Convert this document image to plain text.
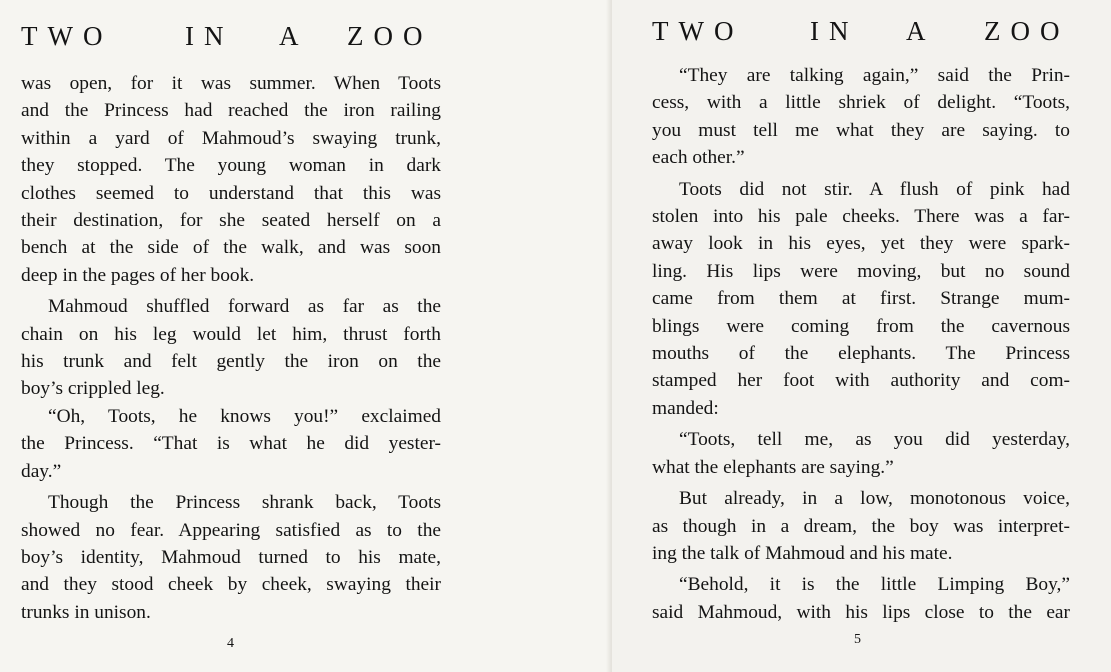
TWO	IN A ZOO
was open, for it was summer. When Toots
and the Princess had reached the iron railing
within a yard of Mahmoud’s swaying trunk,
they stopped. The young woman in dark
clothes seemed to understand that this was
their destination, for she seated herself on a
bench at the side of the walk, and was soon
deep in the pages of her book.
Mahmoud shuffled forward as far as the
chain on his leg would let him, thrust forth
his trunk and felt gently the iron on the
boy’s crippled leg.
“Oh, Toots, he knows you!” exclaimed
the Princess. “That is what he did yester-
day.”
Though the Princess shrank back, Toots
showed no fear. Appearing satisfied as to the
boy’s identity, Mahmoud turned to his mate,
and they stood cheek by cheek, swaying their
trunks in unison.
4
TWO IN A ZOO
“They are talking again,” said the Prin-
cess, with a little shriek of delight. “Toots,
you must tell me what they are saying. to
each other.”
Toots did not stir. A flush of pink had
stolen into his pale cheeks. There was a far-
away look in his eyes, yet they were spark-
ling. His lips were moving, but no sound
came from them at first. Strange mum-
blings were coming from the cavernous
mouths of the elephants. The Princess
stamped her foot with authority and com-
manded:
“Toots, tell me, as you did yesterday,
what the elephants are saying.”
But already, in a low, monotonous voice,
as though in a dream, the boy was interpret-
ing the talk of Mahmoud and his mate.
“Behold, it is the little Limping Boy,”
said Mahmoud, with his lips close to the ear
5
